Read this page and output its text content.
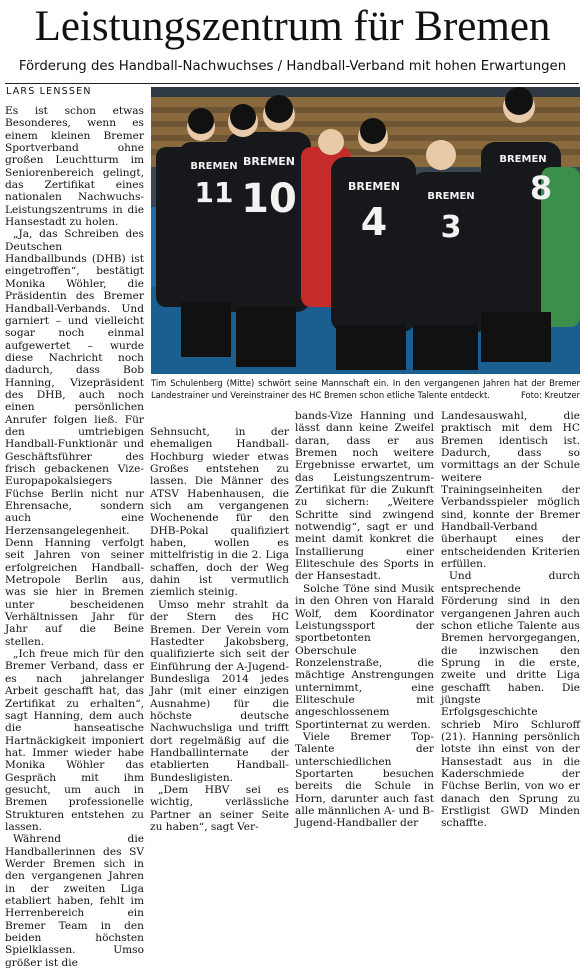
Leistungszentrum für Bremen
Förderung des Handball-Nachwuchses / Handball-Verband mit hohen Erwartungen
LARS LENSSEN

Es ist schon etwas Besonderes, wenn es einem kleinen Bremer Sportverband ohne großen Leuchtturm im Seniorenbereich gelingt, das Zertifikat eines nationalen Nachwuchs-Leistungszentrums in die Hansestadt zu holen.

„Ja, das Schreiben des Deutschen Handballbunds (DHB) ist eingetroffen“, bestätigt Monika Wöhler, die Präsidentin des Bremer Handball-Verbands. Und garniert – und vielleicht sogar noch einmal aufgewertet – wurde diese Nachricht noch dadurch, dass Bob Hanning, Vizepräsident des DHB, auch noch einen persönlichen Anrufer folgen ließ. Für den umtriebigen Handball-Funktionär und Geschäftsführer des frisch gebackenen Vize-Europapokalsiegers Füchse Berlin nicht nur Ehrensache, sondern auch eine Herzensangelegenheit. Denn Hanning verfolgt seit Jahren von seiner erfolgreichen Handball-Metropole Berlin aus, was sie hier in Bremen unter bescheidenen Verhältnissen Jahr für Jahr auf die Beine stellen.

„Ich freue mich für den Bremer Verband, dass er es nach jahrelanger Arbeit geschafft hat, das Zertifikat zu erhalten“, sagt Hanning, dem auch die hanseatische Hartnäckigkeit imponiert hat. Immer wieder habe Monika Wöhler das Gespräch mit ihm gesucht, um auch in Bremen professionelle Strukturen entstehen zu lassen.

Während die Handballerinnen des SV Werder Bremen sich in den vergangenen Jahren in der zweiten Liga etabliert haben, fehlt im Herrenbereich ein Bremer Team in den beiden höchsten Spielklassen. Umso größer ist die

BREMEN
11
BREMEN
10	BREMEN
4
BREMEN
3
BREMEN
8
Tim Schulenberg (Mitte) schwört seine Mannschaft ein. In den vergangenen Jahren hat der Bremer Landestrainer und Vereinstrainer des HC Bremen schon etliche Talente entdeckt.	Foto: Kreutzer

Sehnsucht, in der ehemaligen Handball-Hochburg wieder etwas Großes entstehen zu lassen. Die Männer des ATSV Habenhausen, die sich am vergangenen Wochenende für den DHB-Pokal qualifiziert haben, wollen es mittelfristig in die 2. Liga schaffen, doch der Weg dahin ist vermutlich ziemlich steinig.

Umso mehr strahlt da der Stern des HC Bremen. Der Verein vom Hastedter Jakobsberg, qualifizierte sich seit der Einführung der A-Jugend-Bundesliga 2014 jedes Jahr (mit einer einzigen Ausnahme) für die höchste deutsche Nachwuchsliga und trifft dort regelmäßig auf die Handballinternate der etablierten Handball-Bundesligisten.

„Dem HBV sei es wichtig, verlässliche Partner an seiner Seite zu haben“, sagt Ver-

bands-Vize Hanning und lässt dann keine Zweifel daran, dass er aus Bremen noch weitere Ergebnisse erwartet, um das Leistungszentrum-Zertifikat für die Zukunft zu sichern: „Weitere Schritte sind zwingend notwendig“, sagt er und meint damit konkret die Installierung einer Eliteschule des Sports in der Hansestadt.

Solche Töne sind Musik in den Ohren von Harald Wolf, dem Koordinator Leistungssport der sportbetonten Oberschule Ronzelenstraße, die mächtige Anstrengungen unternimmt, eine Eliteschule mit angeschlossenem Sportinternat zu werden.

Viele Bremer Top-Talente der unterschiedlichen Sportarten besuchen bereits die Schule in Horn, darunter auch fast alle männlichen A- und B-Jugend-Handballer der

Landesauswahl, die praktisch mit dem HC Bremen identisch ist. Dadurch, dass so vormittags an der Schule weitere Trainingseinheiten der Verbandsspieler möglich sind, konnte der Bremer Handball-Verband überhaupt eines der entscheidenden Kriterien erfüllen.

Und durch entsprechende Förderung sind in den vergangenen Jahren auch schon etliche Talente aus Bremen hervorgegangen, die inzwischen den Sprung in die erste, zweite und dritte Liga geschafft haben. Die jüngste Erfolgsgeschichte schrieb Miro Schluroff (21). Hanning persönlich lotste ihn einst von der Hansestadt aus in die Kaderschmiede der Füchse Berlin, von wo er danach den Sprung zu Erstligist GWD Minden schaffte.
